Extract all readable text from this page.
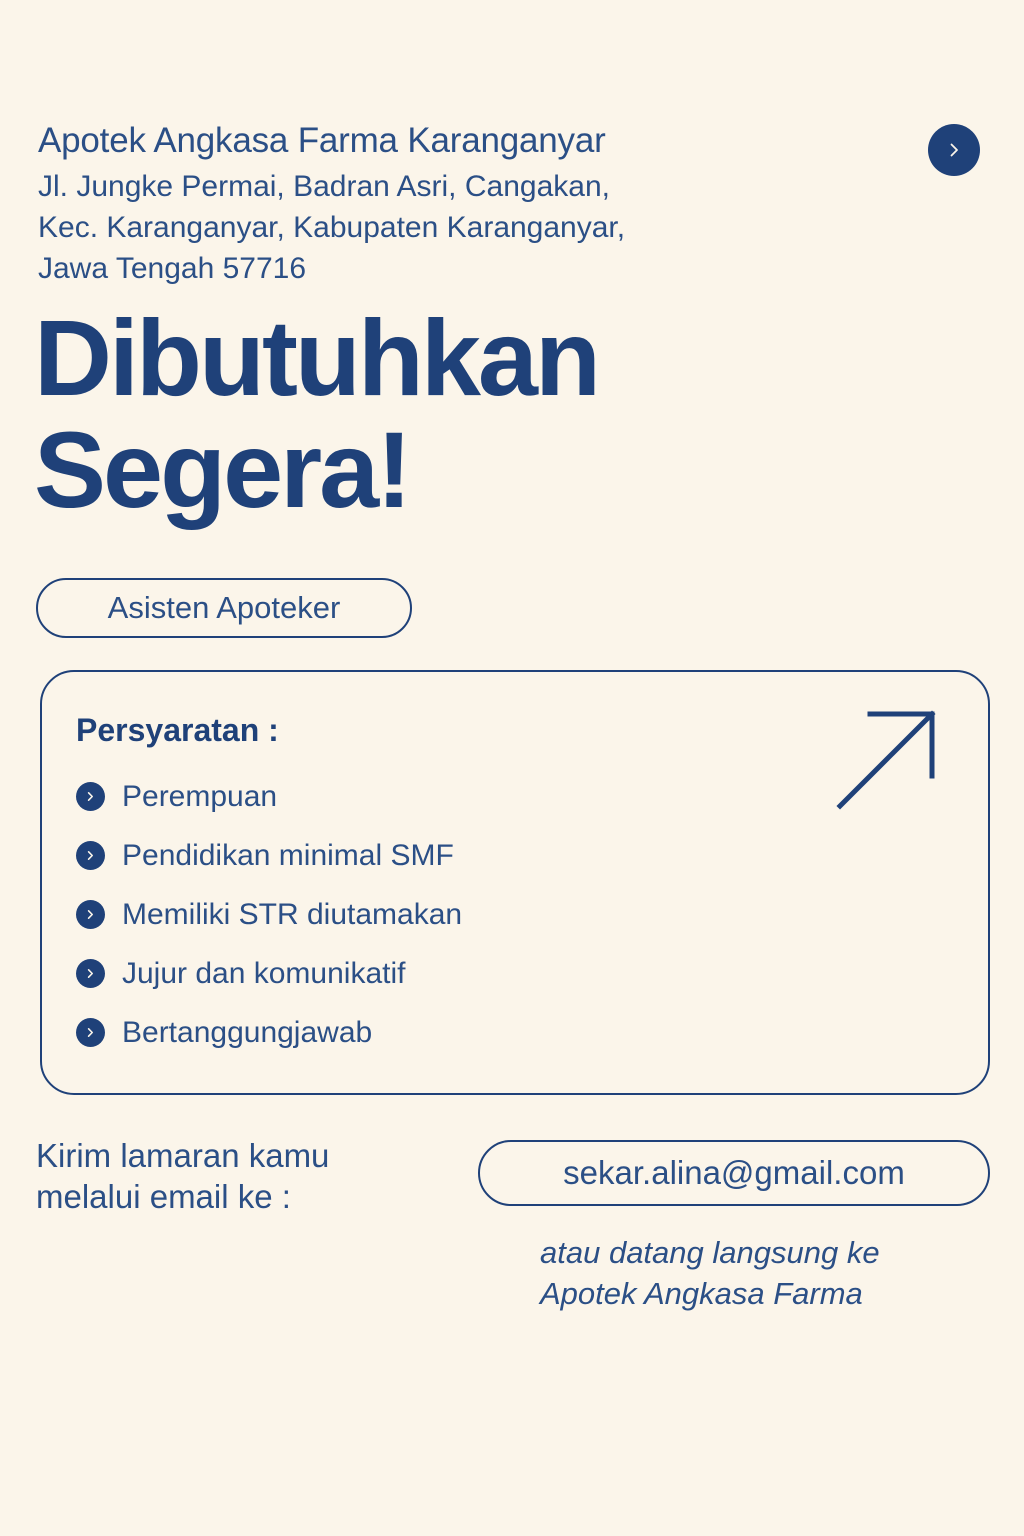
Apotek Angkasa Farma Karanganyar
Jl. Jungke Permai, Badran Asri, Cangakan,
Kec. Karanganyar, Kabupaten Karanganyar,
Jawa Tengah 57716
Dibutuhkan
Segera!
Asisten Apoteker
Persyaratan :
Perempuan
Pendidikan minimal SMF
Memiliki STR diutamakan
Jujur dan komunikatif
Bertanggungjawab
Kirim lamaran kamu
melalui email ke :
sekar.alina@gmail.com
atau datang langsung ke
Apotek Angkasa Farma
